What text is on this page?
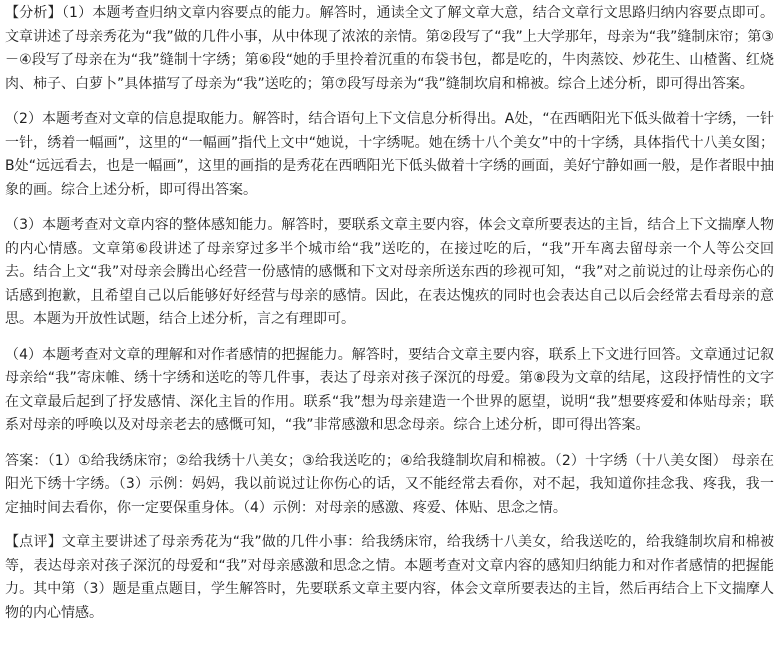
【分析】（1）本题考查归纳文章内容要点的能力。解答时，通读全文了解文章大意，结合文章行文思路归纳内容要点即可。文章讲述了母亲秀花为“我”做的几件小事，从中体现了浓浓的亲情。第②段写了“我”上大学那年，母亲为“我”缝制床帘；第③－④段写了母亲在为“我”缝制十字绣；第⑥段“她的手里拎着沉重的布袋书包，都是吃的，牛肉蒸饺、炒花生、山楂酱、红烧肉、柿子、白萝卜”具体描写了母亲为“我”送吃的；第⑦段写母亲为“我”缝制坎肩和棉被。综合上述分析，即可得出答案。

（2）本题考查对文章的信息提取能力。解答时，结合语句上下文信息分析得出。A处，“在西晒阳光下低头做着十字绣，一针一针，绣着一幅画”，这里的“一幅画”指代上文中“她说，十字绣呢。她在绣十八个美女”中的十字绣，具体指代十八美女图；B处“远远看去，也是一幅画”，这里的画指的是秀花在西晒阳光下低头做着十字绣的画面，美好宁静如画一般，是作者眼中抽象的画。综合上述分析，即可得出答案。

（3）本题考查对文章内容的整体感知能力。解答时，要联系文章主要内容，体会文章所要表达的主旨，结合上下文揣摩人物的内心情感。文章第⑥段讲述了母亲穿过多半个城市给“我”送吃的，在接过吃的后，“我”开车离去留母亲一个人等公交回去。结合上文“我”对母亲会腾出心经营一份感情的感慨和下文对母亲所送东西的珍视可知，“我”对之前说过的让母亲伤心的话感到抱歉，且希望自己以后能够好好经营与母亲的感情。因此，在表达愧疚的同时也会表达自己以后会经常去看母亲的意思。本题为开放性试题，结合上述分析，言之有理即可。

（4）本题考查对文章的理解和对作者感情的把握能力。解答时，要结合文章主要内容，联系上下文进行回答。文章通过记叙母亲给“我”寄床帷、绣十字绣和送吃的等几件事，表达了母亲对孩子深沉的母爱。第⑧段为文章的结尾，这段抒情性的文字在文章最后起到了抒发感情、深化主旨的作用。联系“我”想为母亲建造一个世界的愿望，说明“我”想要疼爱和体贴母亲；联系对母亲的呼唤以及对母亲老去的感慨可知，“我”非常感激和思念母亲。综合上述分析，即可得出答案。

答案：（1）①给我绣床帘；②给我绣十八美女；③给我送吃的；④给我缝制坎肩和棉被。（2）十字绣（十八美女图） 母亲在阳光下绣十字绣。（3）示例：妈妈，我以前说过让你伤心的话，又不能经常去看你，对不起，我知道你挂念我、疼我，我一定抽时间去看你，你一定要保重身体。（4）示例：对母亲的感激、疼爱、体贴、思念之情。

【点评】文章主要讲述了母亲秀花为“我”做的几件小事：给我绣床帘，给我绣十八美女，给我送吃的，给我缝制坎肩和棉被等，表达母亲对孩子深沉的母爱和“我”对母亲感激和思念之情。本题考查对文章内容的感知归纳能力和对作者感情的把握能力。其中第（3）题是重点题目，学生解答时，先要联系文章主要内容，体会文章所要表达的主旨，然后再结合上下文揣摩人物的内心情感。
